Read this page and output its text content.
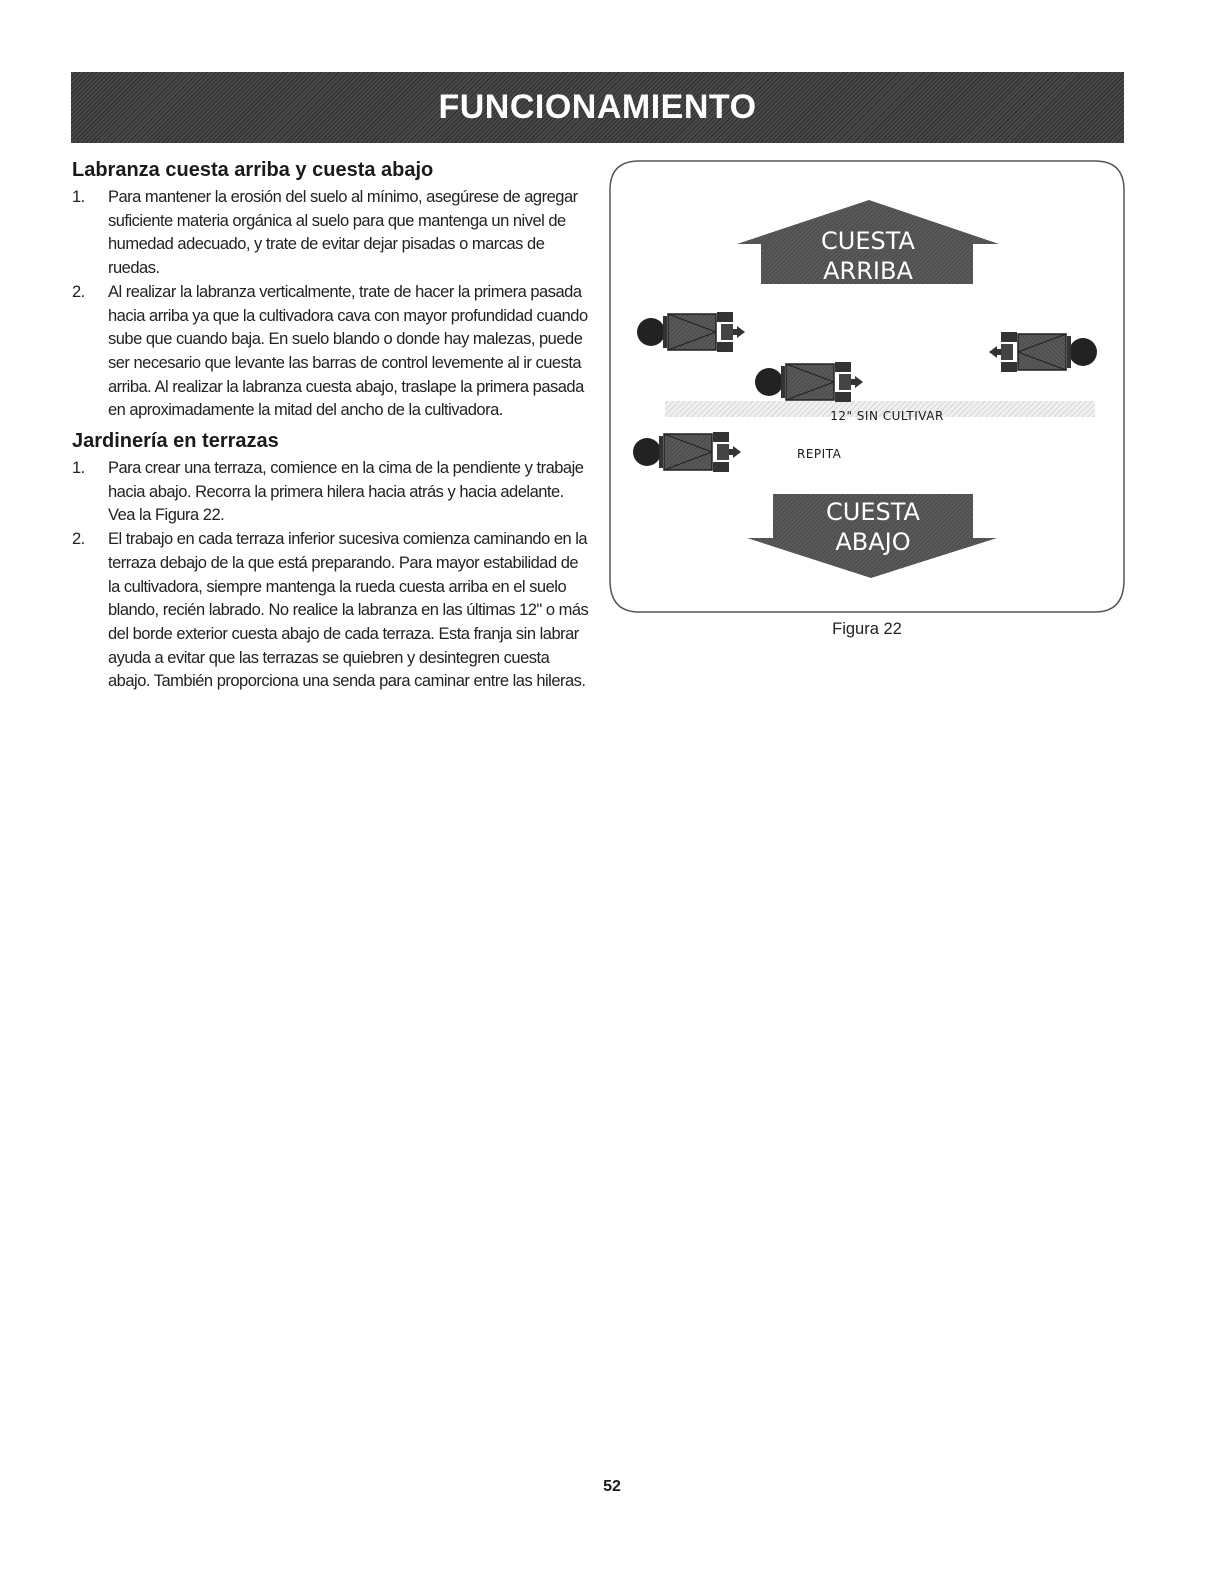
FUNCIONAMIENTO
Labranza cuesta arriba y cuesta abajo
1. Para mantener la erosión del suelo al mínimo, asegúrese de agregar suficiente materia orgánica al suelo para que mantenga un nivel de humedad adecuado, y trate de evitar dejar pisadas o marcas de ruedas.
2. Al realizar la labranza verticalmente, trate de hacer la primera pasada hacia arriba ya que la cultivadora cava con mayor profundidad cuando sube que cuando baja. En suelo blando o donde hay malezas, puede ser necesario que levante las barras de control levemente al ir cuesta arriba. Al realizar la labranza cuesta abajo, traslape la primera pasada en aproximadamente la mitad del ancho de la cultivadora.
Jardinería en terrazas
1. Para crear una terraza, comience en la cima de la pendiente y trabaje hacia abajo. Recorra la primera hilera hacia atrás y hacia adelante. Vea la Figura 22.
2. El trabajo en cada terraza inferior sucesiva comienza caminando en la terraza debajo de la que está preparando. Para mayor estabilidad de la cultivadora, siempre mantenga la rueda cuesta arriba en el suelo blando, recién labrado. No realice la labranza en las últimas 12" o más del borde exterior cuesta abajo de cada terraza. Esta franja sin labrar ayuda a evitar que las terrazas se quiebren y desintegren cuesta abajo. También proporciona una senda para caminar entre las hileras.
CUESTA
ARRIBA
12" SIN CULTIVAR
REPITA
CUESTA
ABAJO
Figura 22
52
